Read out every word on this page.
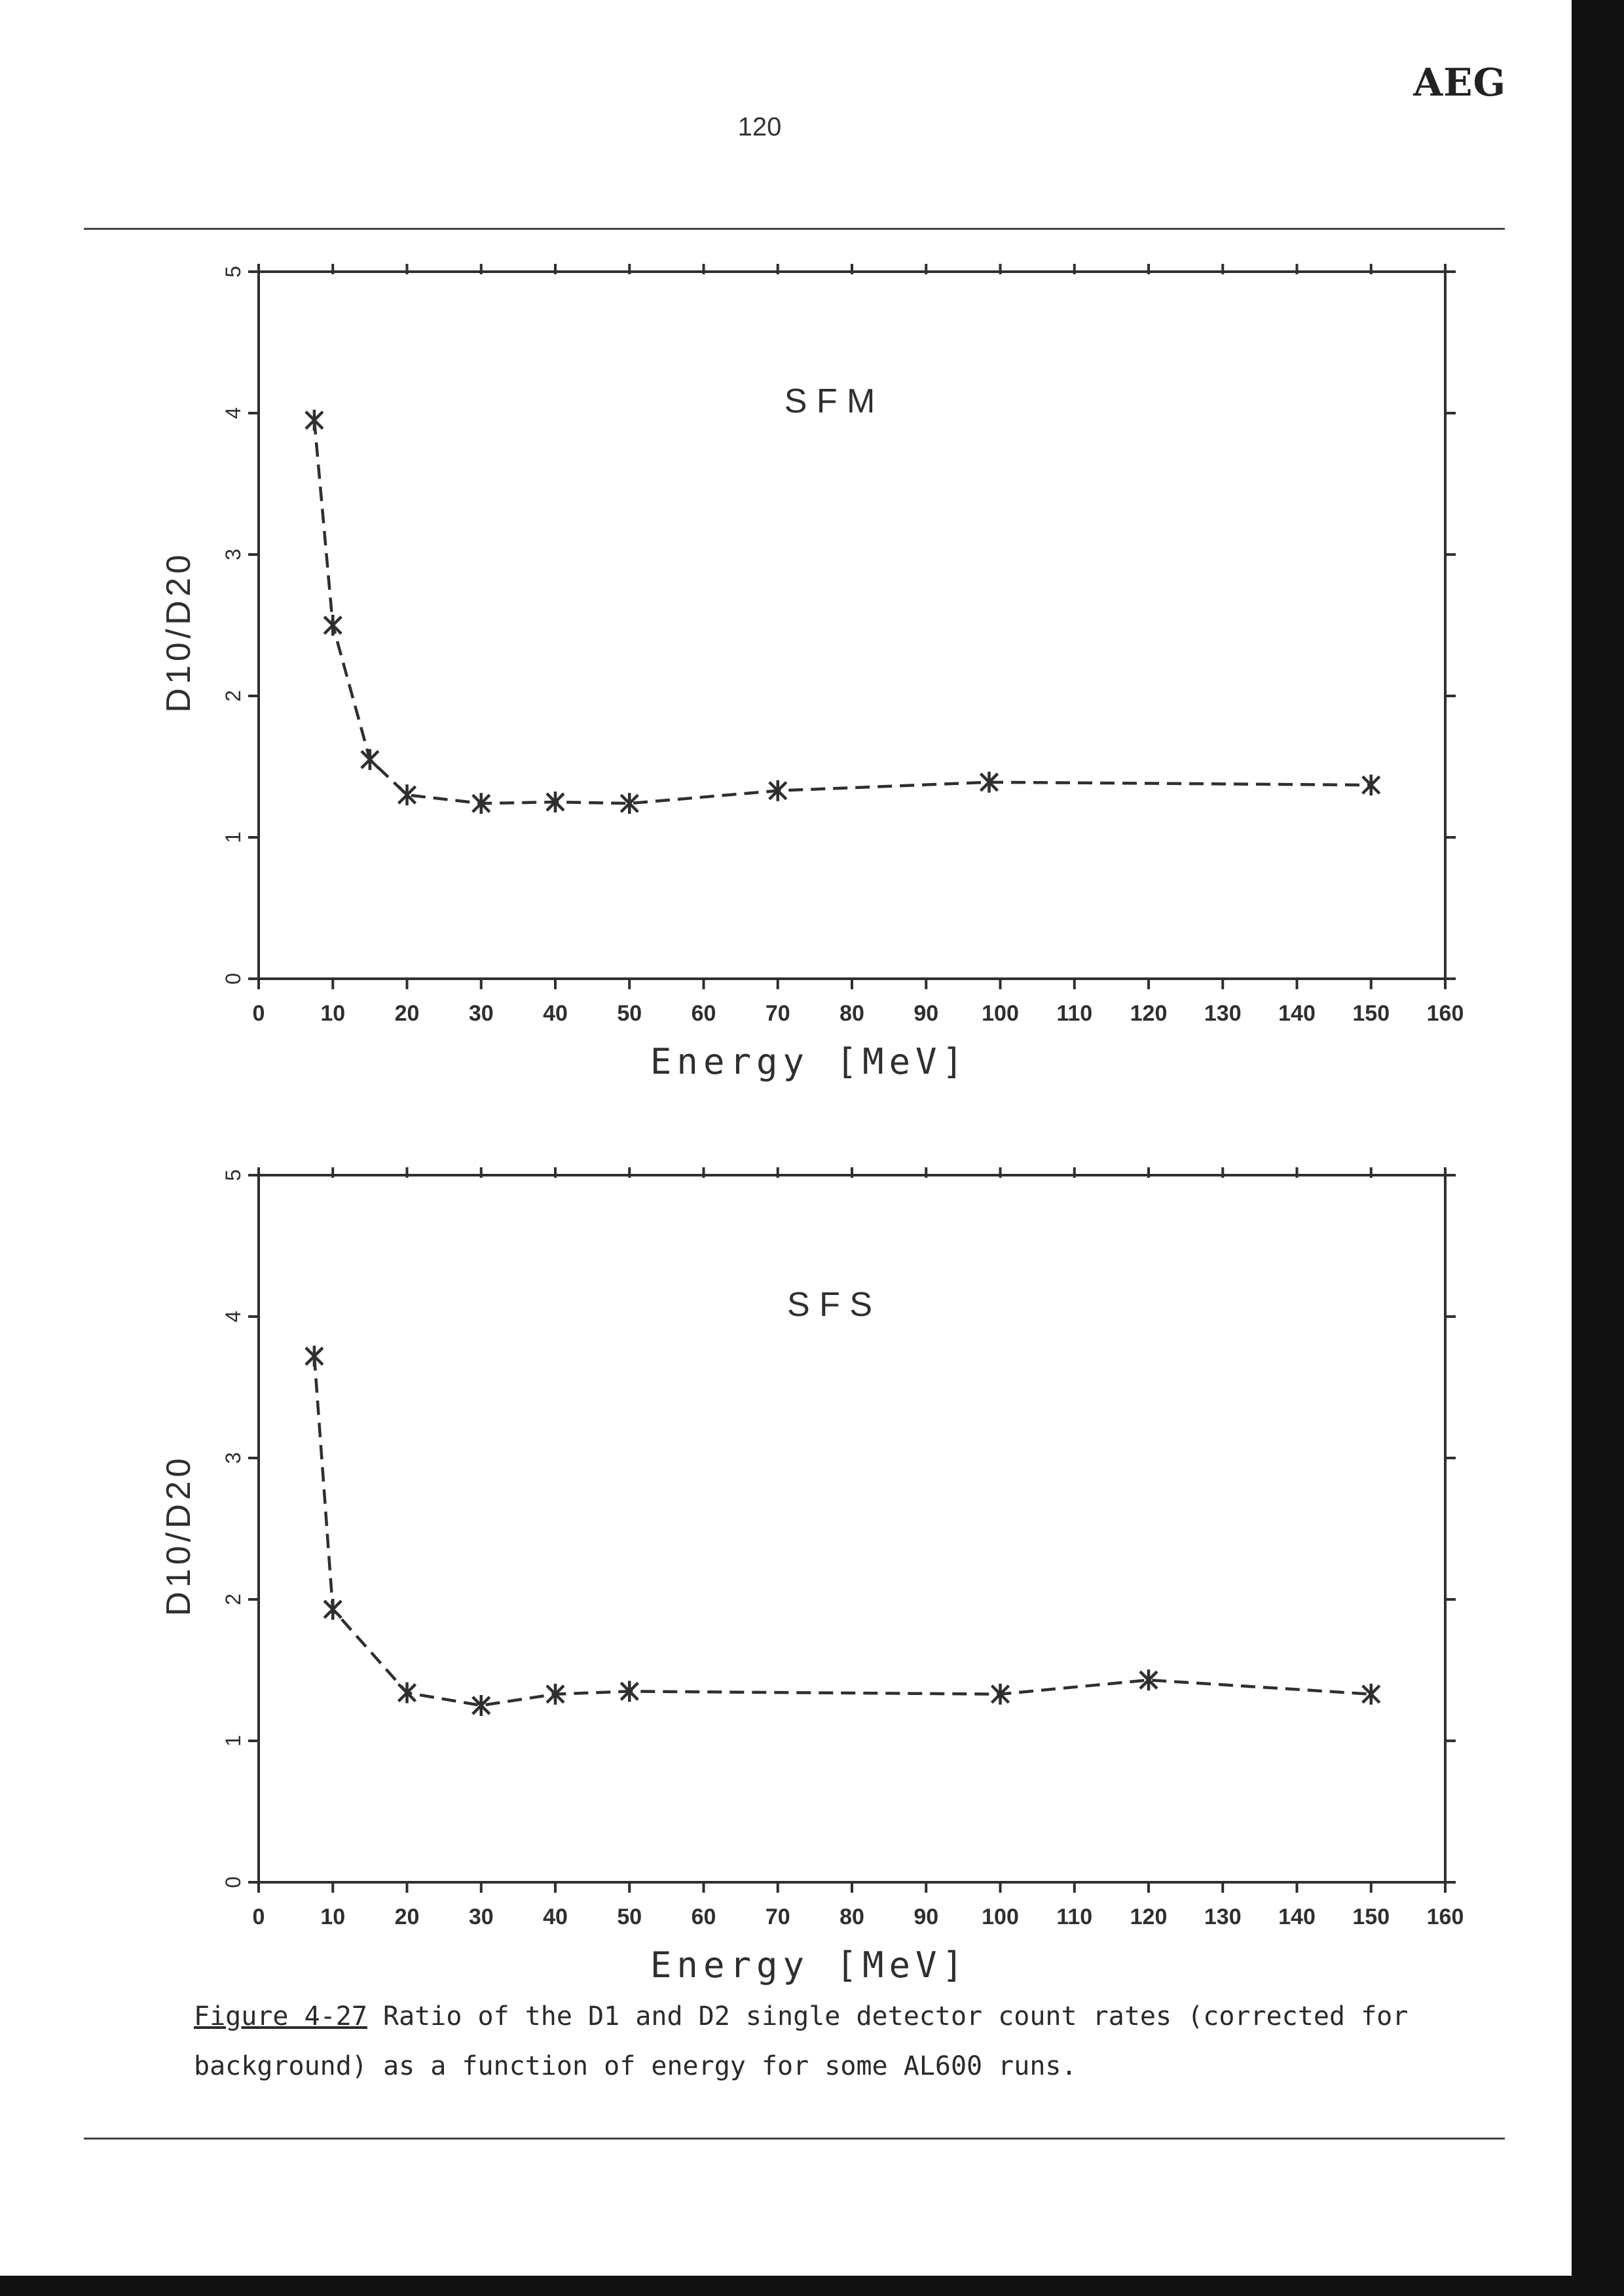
AEG
120
0 10 20 30 40 50 60 70 80 90 100 110 120 130 140 150 160
0
1
2
3
4
5
Energy [MeV]
D10/D20
S F M
0 10 20 30 40 50 60 70 80 90 100 110 120 130 140 150 160
0
1
2
3
4
5
Energy [MeV]
D10/D20
S F S
Figure 4-27 Ratio of the D1 and D2 single detector count rates (corrected for background) as a function of energy for some AL600 runs.
